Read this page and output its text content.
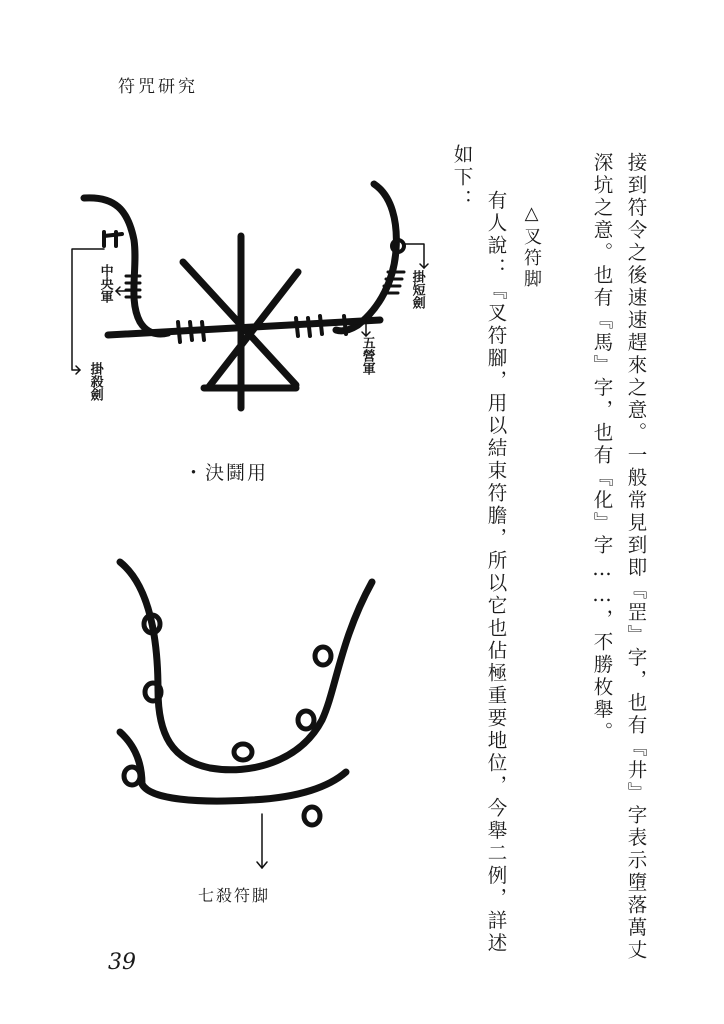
符咒研究
接到符令之後速速趕來之意。一般常見到即『罡』字，也有『井』字表示墮落萬丈
深坑之意。也有『馬』字，也有『化』字……，不勝枚舉。
△叉符脚
有人說：『叉符腳，用以結束符膽，所以它也佔極重要地位，今舉二例，詳述
如下：
中央軍
掛殺劍
掛短劍
五營軍
・決鬪用
七殺符脚
39
